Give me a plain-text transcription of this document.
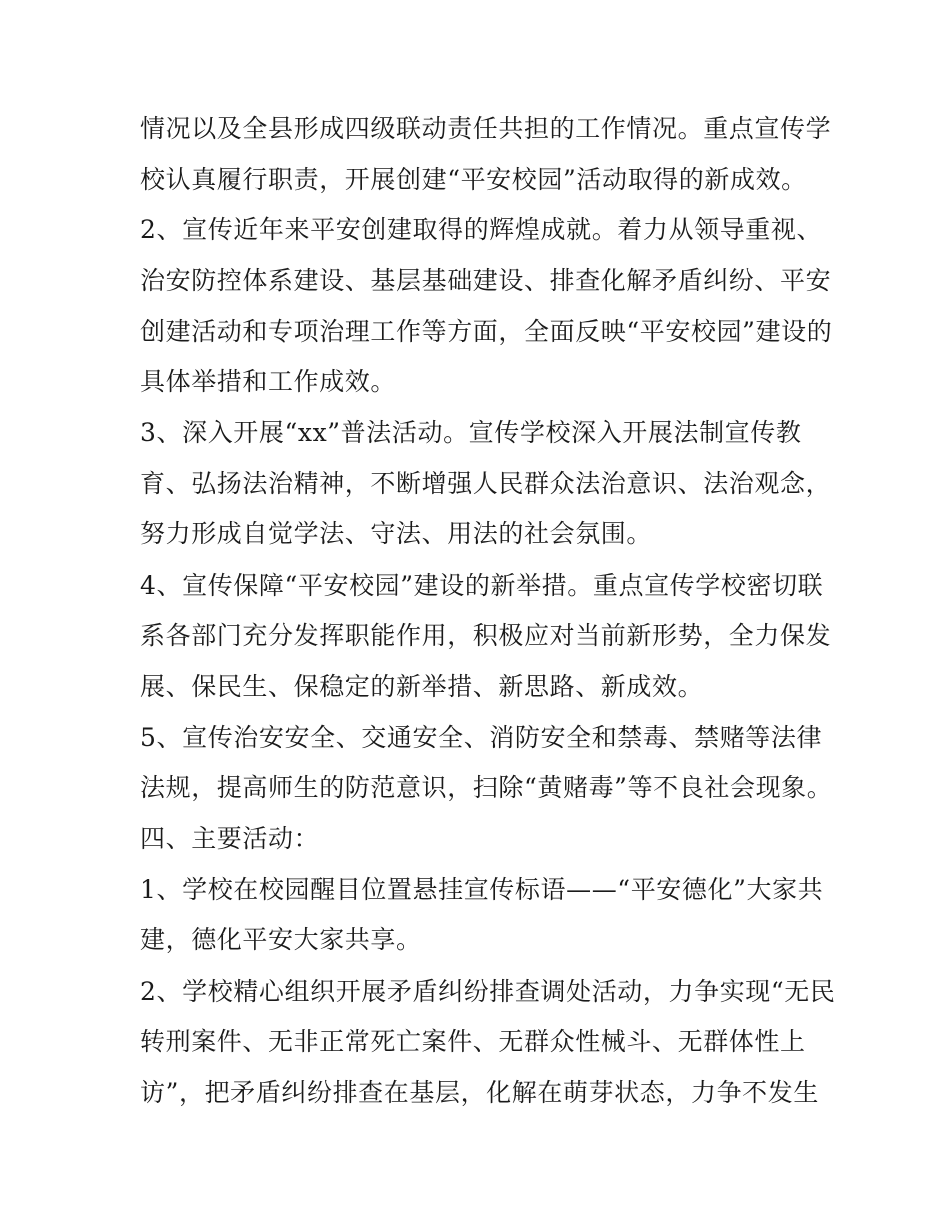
情况以及全县形成四级联动责任共担的工作情况。重点宣传学
校认真履行职责，开展创建“平安校园”活动取得的新成效。
2、宣传近年来平安创建取得的辉煌成就。着力从领导重视、
治安防控体系建设、基层基础建设、排查化解矛盾纠纷、平安
创建活动和专项治理工作等方面，全面反映“平安校园”建设的
具体举措和工作成效。
3、深入开展“xx”普法活动。宣传学校深入开展法制宣传教
育、弘扬法治精神，不断增强人民群众法治意识、法治观念，
努力形成自觉学法、守法、用法的社会氛围。
4、宣传保障“平安校园”建设的新举措。重点宣传学校密切联
系各部门充分发挥职能作用，积极应对当前新形势，全力保发
展、保民生、保稳定的新举措、新思路、新成效。
5、宣传治安安全、交通安全、消防安全和禁毒、禁赌等法律
法规，提高师生的防范意识，扫除“黄赌毒”等不良社会现象。
四、主要活动：
1、学校在校园醒目位置悬挂宣传标语——“平安德化”大家共
建，德化平安大家共享。
2、学校精心组织开展矛盾纠纷排查调处活动，力争实现“无民
转刑案件、无非正常死亡案件、无群众性械斗、无群体性上
访”，把矛盾纠纷排查在基层，化解在萌芽状态，力争不发生
